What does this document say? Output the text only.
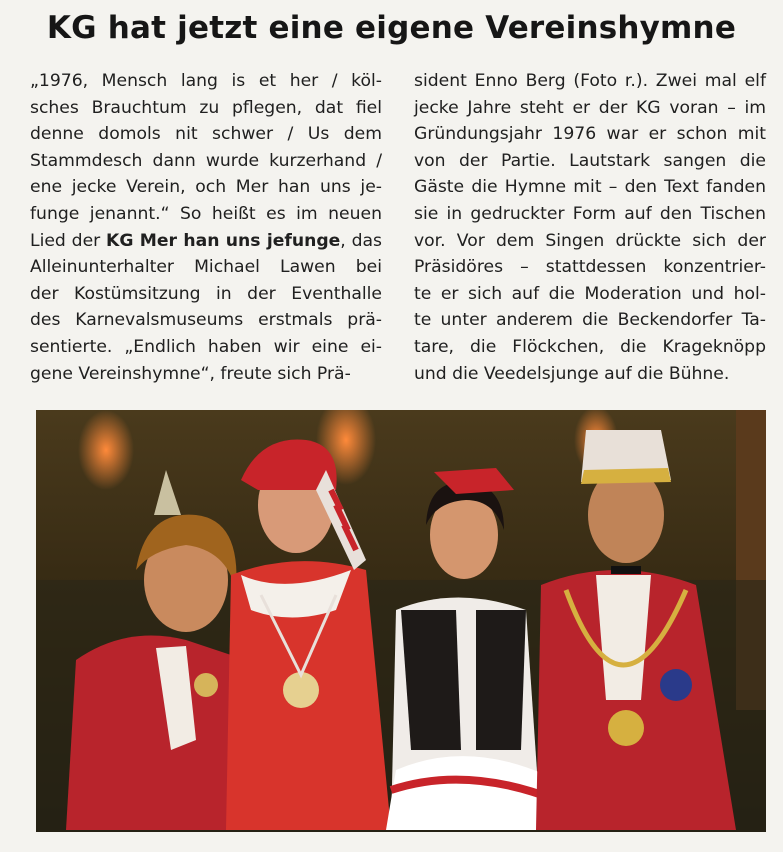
KG hat jetzt eine eigene Vereinshymne
„1976, Mensch lang is et her / köl-
sches Brauchtum zu pflegen, dat fiel
denne domols nit schwer / Us dem
Stammdesch dann wurde kurzerhand /
ene jecke Verein, och Mer han uns je-
funge jenannt.“ So heißt es im neuen
Lied der KG Mer han uns jefunge, das
Alleinunterhalter Michael Lawen bei
der Kostümsitzung in der Eventhalle
des Karnevalsmuseums erstmals prä-
sentierte. „Endlich haben wir eine ei-
gene Vereinshymne“, freute sich Prä-
sident Enno Berg (Foto r.). Zwei mal elf
jecke Jahre steht er der KG voran – im
Gründungsjahr 1976 war er schon mit
von der Partie. Lautstark sangen die
Gäste die Hymne mit – den Text fanden
sie in gedruckter Form auf den Tischen
vor. Vor dem Singen drückte sich der
Präsidöres – stattdessen konzentrier-
te er sich auf die Moderation und hol-
te unter anderem die Beckendorfer Ta-
tare, die Flöckchen, die Krageknöpp
und die Veedelsjunge auf die Bühne.
